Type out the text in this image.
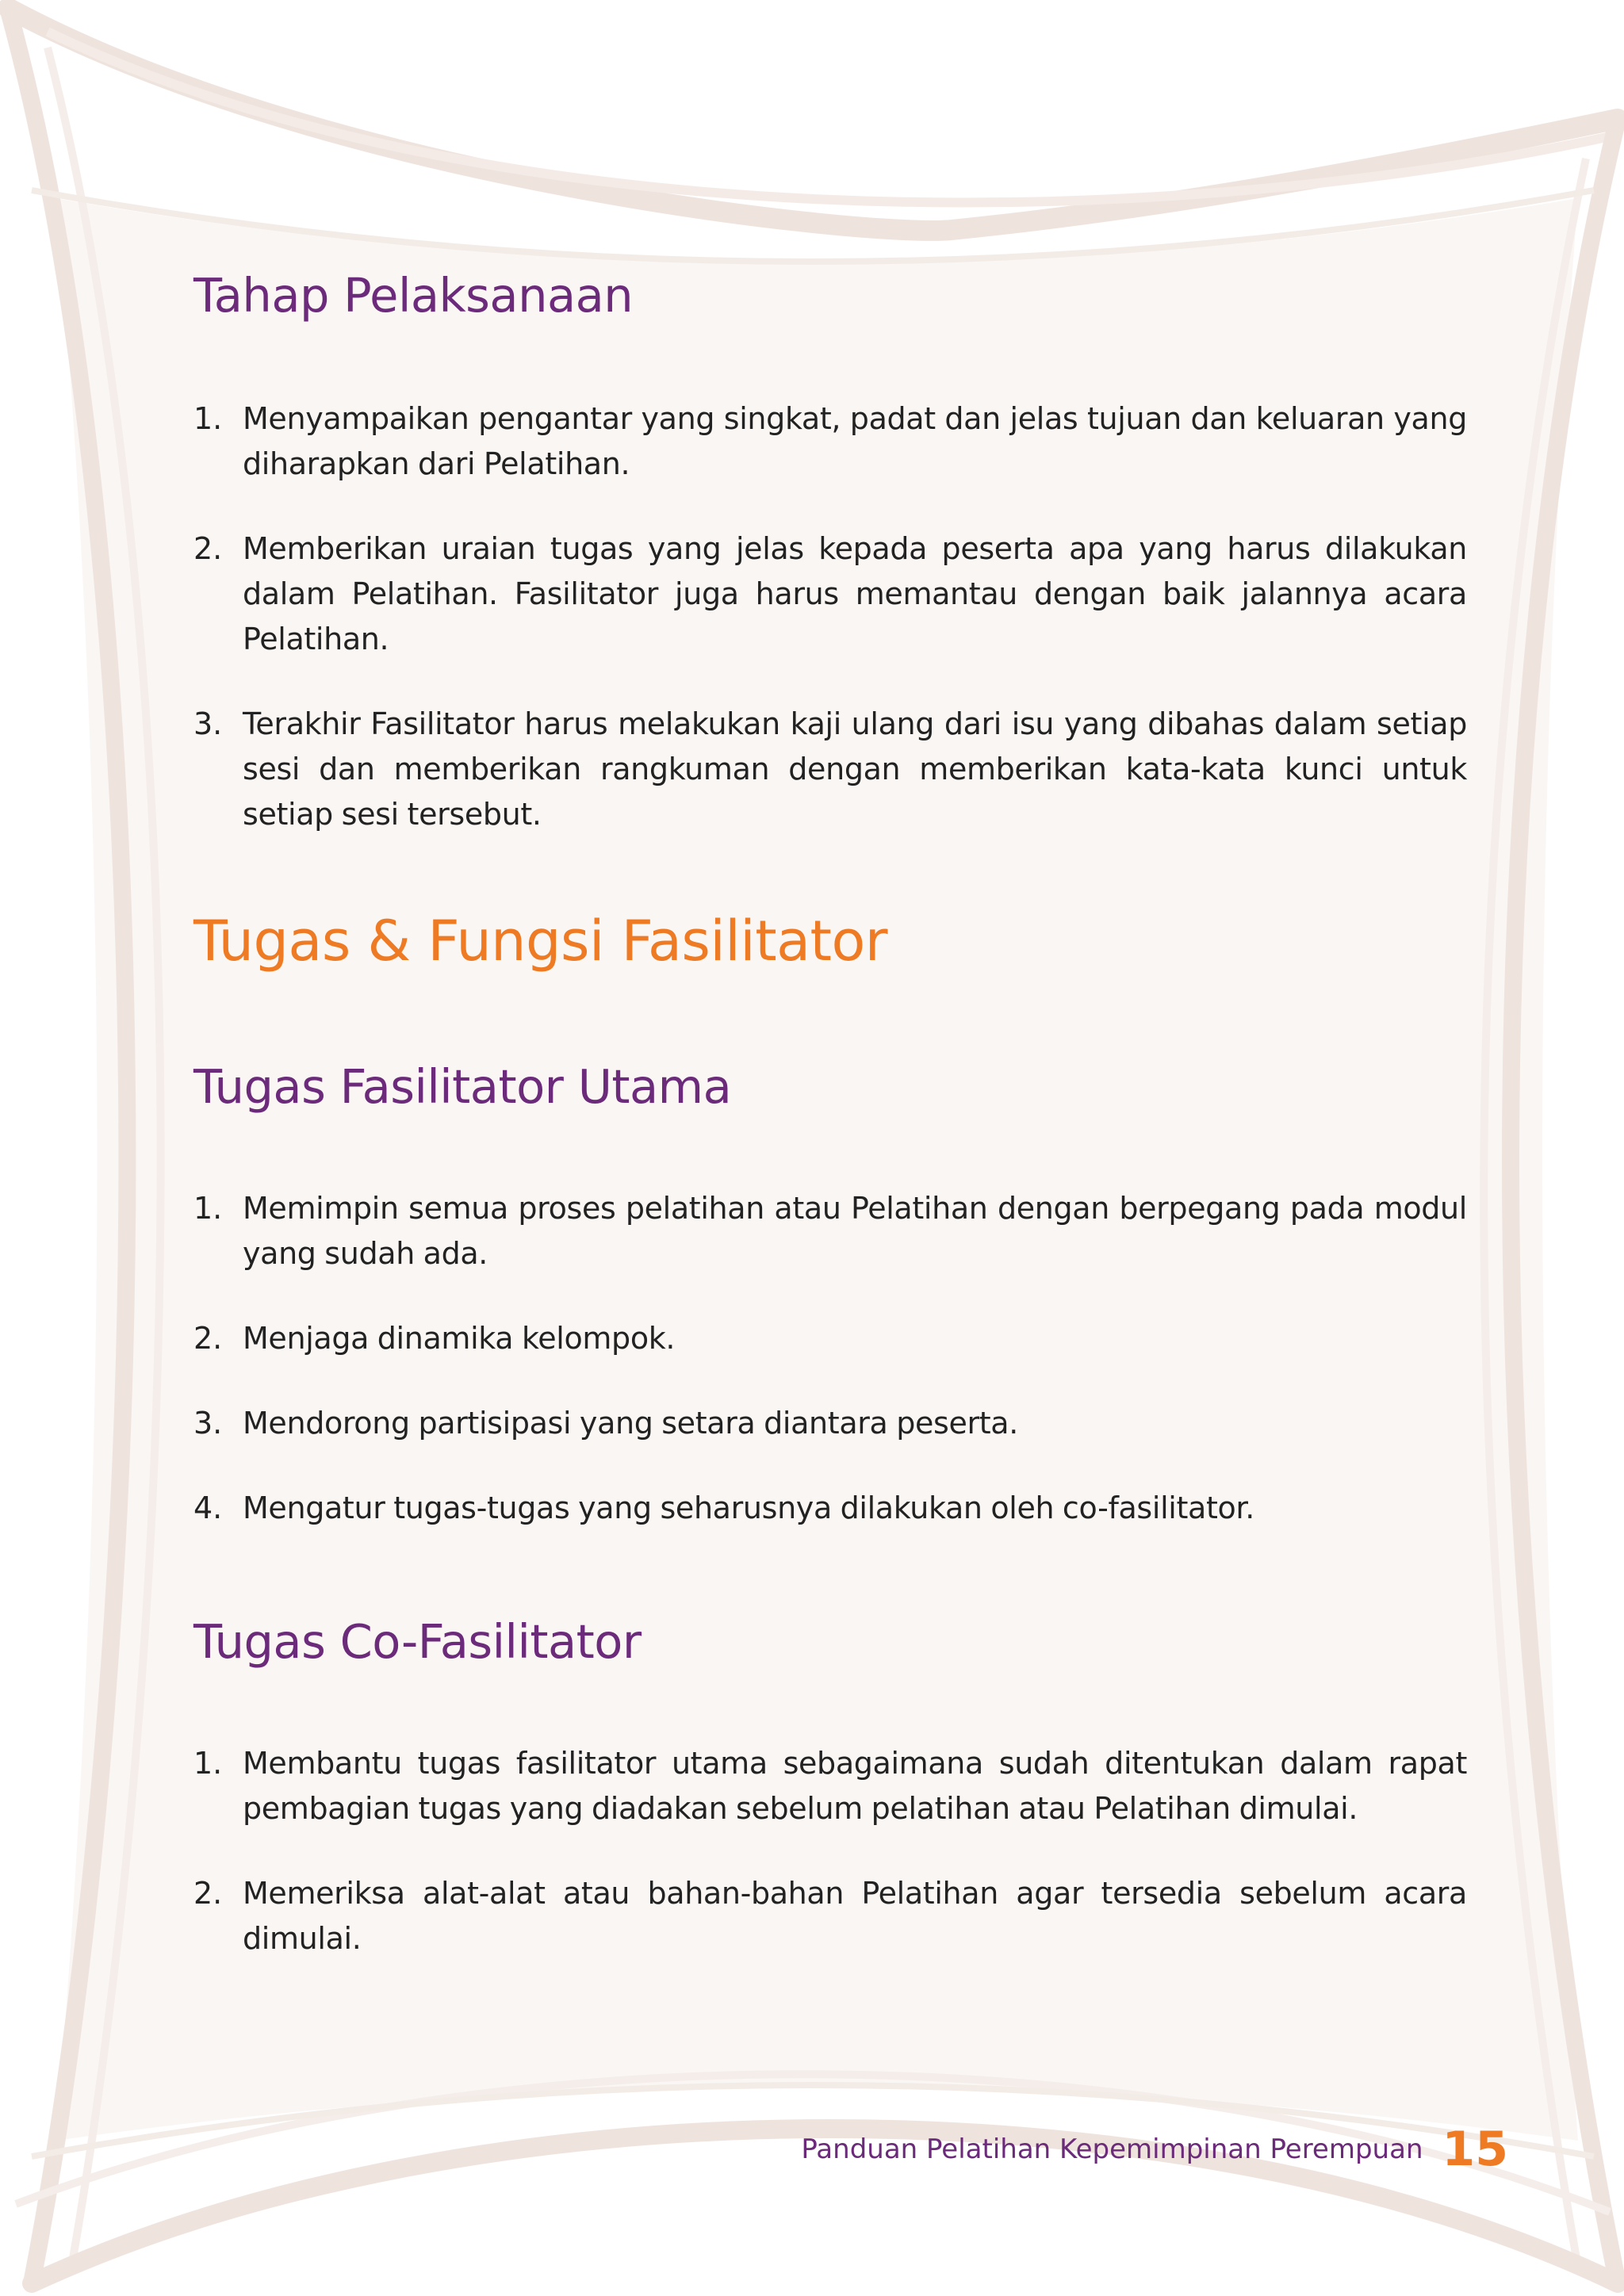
Tahap Pelaksanaan
1. Menyampaikan pengantar yang singkat, padat dan jelas tujuan dan keluaran yang diharapkan dari Pelatihan.
2. Memberikan uraian tugas yang jelas kepada peserta apa yang harus dilakukan dalam Pelatihan. Fasilitator juga harus memantau dengan baik jalannya acara Pelatihan.
3. Terakhir Fasilitator harus melakukan kaji ulang dari isu yang dibahas dalam setiap sesi dan memberikan rangkuman dengan memberikan kata-kata kunci untuk setiap sesi tersebut.
Tugas & Fungsi Fasilitator
Tugas Fasilitator Utama
1. Memimpin semua proses pelatihan atau Pelatihan dengan berpegang pada modul yang sudah ada.
2. Menjaga dinamika kelompok.
3. Mendorong partisipasi yang setara diantara peserta.
4. Mengatur tugas-tugas yang seharusnya dilakukan oleh co-fasilitator.
Tugas Co-Fasilitator
1. Membantu tugas fasilitator utama sebagaimana sudah ditentukan dalam rapat pembagian tugas yang diadakan sebelum pelatihan atau Pelatihan dimulai.
2. Memeriksa alat-alat atau bahan-bahan Pelatihan agar tersedia sebelum acara dimulai.
Panduan Pelatihan Kepemimpinan Perempuan 15
